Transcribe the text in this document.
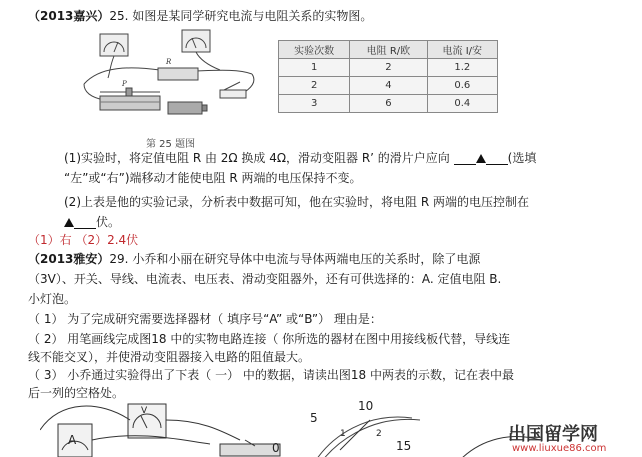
（2013嘉兴）25. 如图是某同学研究电流与电阻关系的实物图。
R
P
第 25 题图
实验次数	电阻 R/欧	电流 I/安
1	2	1.2
2	4	0.6
3	6	0.4
(1)实验时，将定值电阻 R 由 2Ω 换成 4Ω，滑动变阻器 R’ 的滑片户应向	(选填
“左”或“右”)端移动才能使电阻 R 两端的电压保持不变。
(2)上表是他的实验记录，分析表中数据可知，他在实验时，将电阻 R 两端的电压控制在
伏。
（1）右 （2）2.4伏
（2013雅安）29. 小乔和小丽在研究导体中电流与导体两端电压的关系时，除了电源
（3V）、开关、导线、电流表、电压表、滑动变阻器外，还有可供选择的：A. 定值电阻 B.
小灯泡。
（ 1） 为了完成研究需要选择器材（ 填序号“A” 或“B”） 理由是：
（ 2） 用笔画线完成图18 中的实物电路连接（ 你所选的器材在图中用接线板代替，导线连
线不能交叉），并使滑动变阻器接入电路的阻值最大。
（ 3） 小乔通过实验得出了下表（ 一） 中的数据，请读出图18 中两表的示数，记在表中最
后一列的空格处。
A
V
0
5
10
15
1	2	出国留学网
www.liuxue86.com
